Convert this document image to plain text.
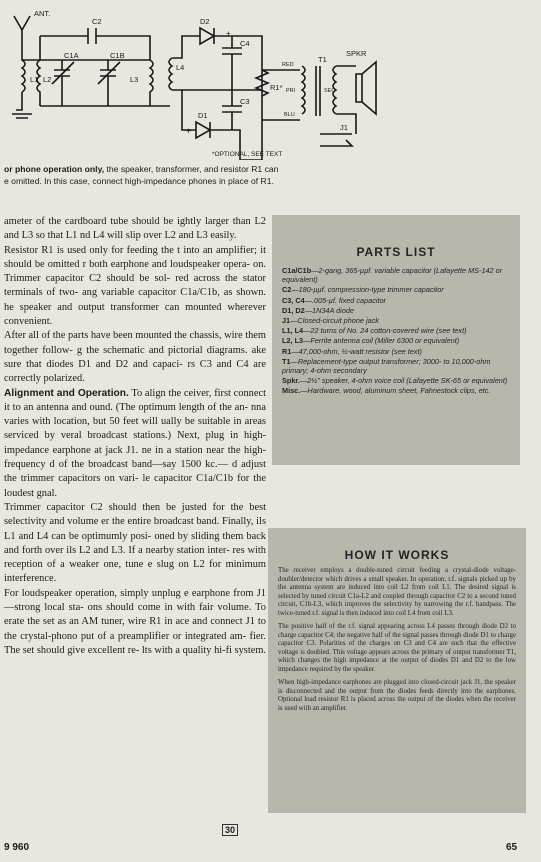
ANT.
C2
L1 L2
C1A	C1B
L3
L4
D2
C4
C3
D1
R1*
T1
RED
PRI	SEC
BLU
SPKR
J1
+
+
*OPTIONAL, SEE TEXT
or phone operation only, the speaker, transformer, and resistor R1 can
e omitted. In this case, connect high-impedance phones in place of R1.

ameter of the cardboard tube should be ightly larger than L2 and L3 so that L1 nd L4 will slip over L2 and L3 easily.

Resistor R1 is used only for feeding the t into an amplifier; it should be omitted r both earphone and loudspeaker opera- on. Trimmer capacitor C2 should be sol- red across the stator terminals of two- ang variable capacitor C1a/C1b, as shown. he speaker and output transformer can mounted wherever convenient.

After all of the parts have been mounted the chassis, wire them together follow- g the schematic and pictorial diagrams. ake sure that diodes D1 and D2 and capaci- rs C3 and C4 are correctly polarized.

Alignment and Operation. To align the ceiver, first connect it to an antenna and ound. (The optimum length of the an- nna varies with location, but 50 feet will ually be suitable in areas serviced by veral broadcast stations.) Next, plug in high-impedance earphone at jack J1. ne in a station near the high-frequency d of the broadcast band—say 1500 kc.— d adjust the trimmer capacitors on vari- le capacitor C1a/C1b for the loudest gnal.

Trimmer capacitor C2 should then be justed for the best selectivity and volume er the entire broadcast band. Finally, ils L1 and L4 can be optimumly posi- oned by sliding them back and forth over ils L2 and L3. If a nearby station inter- res with reception of a weaker one, tune e slug on L2 for minimum interference.

For loudspeaker operation, simply unplug e earphone from J1—strong local sta- ons should come in with fair volume. To erate the set as an AM tuner, wire R1 in ace and connect J1 to the crystal-phono put of a preamplifier or integrated am- fier. The set should give excellent re- lts with a quality hi-fi system.

PARTS LIST
C1a/C1b—2-gang, 365-µµf. variable capacitor (Lafayette MS-142 or equivalent)
C2—180-µµf. compression-type trimmer capacitor
C3, C4—.005-µf. fixed capacitor
D1, D2—1N34A diode
J1—Closed-circuit phone jack
L1, L4—22 turns of No. 24 cotton-covered wire (see text)
L2, L3—Ferrite antenna coil (Miller 6300 or equivalent)
R1—47,000-ohm, ½-watt resistor (see text)
T1—Replacement-type output transformer; 3000- to 10,000-ohm primary; 4-ohm secondary
Spkr.—2½" speaker, 4-ohm voice coil (Lafayette SK-65 or equivalent)
Misc.—Hardware, wood, aluminum sheet, Fahnestock clips, etc.
HOW IT WORKS

The receiver employs a double-tuned circuit feeding a crystal-diode voltage-doubler/detector which drives a small speaker. In operation, r.f. signals picked up by the antenna system are induced into coil L2 from coil L1. The desired signal is selected by tuned circuit C1a-L2 and coupled through capacitor C2 to a second tuned circuit, C1b-L3, which improves the selectivity by narrowing the r.f. bandpass. The twice-tuned r.f. signal is then induced into coil L4 from coil L3.

The positive half of the r.f. signal appearing across L4 passes through diode D2 to charge capacitor C4; the negative half of the signal passes through diode D1 to charge capacitor C3. Polarities of the charges on C3 and C4 are such that the effective voltage is doubled. This voltage appears across the primary of output transformer T1, which changes the high impedance at the output of diodes D1 and D2 to the low impedance required by the speaker.

When high-impedance earphones are plugged into closed-circuit jack J1, the speaker is disconnected and the output from the diodes feeds directly into the earphones. Optional load resistor R1 is placed across the output of the diodes when the receiver is used with an amplifier.

9 960
30
65
